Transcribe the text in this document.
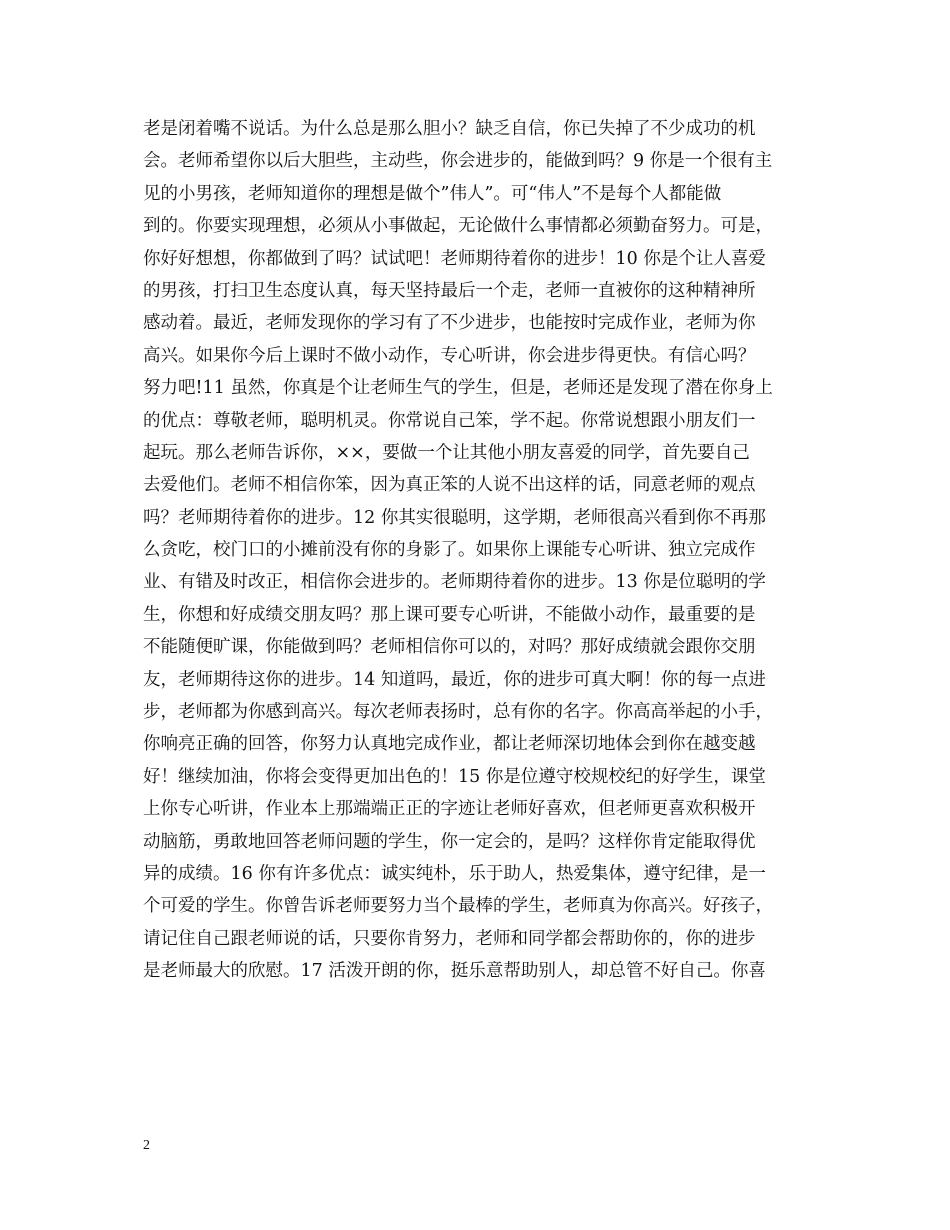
老是闭着嘴不说话。为什么总是那么胆小？缺乏自信，你已失掉了不少成功的机
会。老师希望你以后大胆些，主动些，你会进步的，能做到吗？9 你是一个很有主
见的小男孩，老师知道你的理想是做个”伟人”。可“伟人”不是每个人都能做
到的。你要实现理想，必须从小事做起，无论做什么事情都必须勤奋努力。可是，
你好好想想，你都做到了吗？试试吧！老师期待着你的进步！10 你是个让人喜爱
的男孩，打扫卫生态度认真，每天坚持最后一个走，老师一直被你的这种精神所
感动着。最近，老师发现你的学习有了不少进步，也能按时完成作业，老师为你
高兴。如果你今后上课时不做小动作，专心听讲，你会进步得更快。有信心吗？
努力吧!11 虽然，你真是个让老师生气的学生，但是，老师还是发现了潜在你身上
的优点：尊敬老师，聪明机灵。你常说自己笨，学不起。你常说想跟小朋友们一
起玩。那么老师告诉你，××，要做一个让其他小朋友喜爱的同学，首先要自己
去爱他们。老师不相信你笨，因为真正笨的人说不出这样的话，同意老师的观点
吗？老师期待着你的进步。12 你其实很聪明，这学期，老师很高兴看到你不再那
么贪吃，校门口的小摊前没有你的身影了。如果你上课能专心听讲、独立完成作
业、有错及时改正，相信你会进步的。老师期待着你的进步。13 你是位聪明的学
生，你想和好成绩交朋友吗？那上课可要专心听讲，不能做小动作，最重要的是
不能随便旷课，你能做到吗？老师相信你可以的，对吗？那好成绩就会跟你交朋
友，老师期待这你的进步。14 知道吗，最近，你的进步可真大啊！你的每一点进
步，老师都为你感到高兴。每次老师表扬时，总有你的名字。你高高举起的小手，
你响亮正确的回答，你努力认真地完成作业，都让老师深切地体会到你在越变越
好！继续加油，你将会变得更加出色的！15 你是位遵守校规校纪的好学生，课堂
上你专心听讲，作业本上那端端正正的字迹让老师好喜欢，但老师更喜欢积极开
动脑筋，勇敢地回答老师问题的学生，你一定会的，是吗？这样你肯定能取得优
异的成绩。16 你有许多优点：诚实纯朴，乐于助人，热爱集体，遵守纪律，是一
个可爱的学生。你曾告诉老师要努力当个最棒的学生，老师真为你高兴。好孩子，
请记住自己跟老师说的话，只要你肯努力，老师和同学都会帮助你的，你的进步
是老师最大的欣慰。17 活泼开朗的你，挺乐意帮助别人，却总管不好自己。你喜
2
